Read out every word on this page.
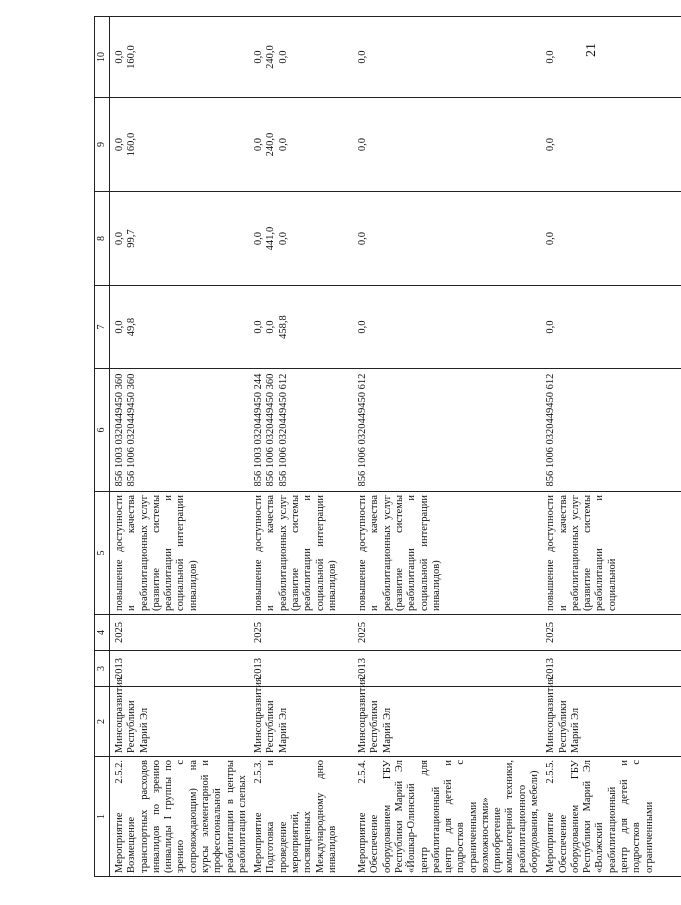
21
1	2	3	4	5	6	7	8	9	10
Мероприятие 2.5.2. Возмещение транспортных расходов инвалидов по зрению (инвалиды I группы по зрению с сопровождающим) на курсы элементарной и профессиональной реабилитации в центры реабилитации слепых	Минсоцразвития Республики Марий Эл	2013	2025	повышение доступности и качества реабилитационных услуг (развитие системы реабилитации и социальной интеграции инвалидов)	856 1003 0320449450 360 856 1006 0320449450 360	0,0 49,8	0,0 99,7	0,0 160,0	0,0 160,0

Мероприятие 2.5.3. Подготовка и проведение мероприятий, посвященных Международному дню инвалидов	Минсоцразвития Республики Марий Эл	2013	2025	повышение доступности и качества реабилитационных услуг (развитие системы реабилитации и социальной интеграции инвалидов)	856 1003 0320449450 244 856 1006 0320449450 360 856 1006 0320449450 612	0,0 0,0 458,8	0,0 441,0 0,0	0,0 240,0 0,0	0,0 240,0 0,0

Мероприятие 2.5.4. Обеспечение оборудованием ГБУ Республики Марий Эл «Йошкар-Олинский центр для реабилитационный центр для детей и подростков с ограниченными возможностями» (приобретение компьютерной техники, реабилитационного оборудования, мебели)	Минсоцразвития Республики Марий Эл	2013	2025	повышение доступности и качества реабилитационных услуг (развитие системы реабилитации и социальной интеграции инвалидов)	856 1006 0320449450 612	0,0	0,0	0,0	0,0

Мероприятие 2.5.5. Обеспечение оборудованием ГБУ Республики Марий Эл «Волжский реабилитационный центр для детей и подростков с ограниченными	Минсоцразвития Республики Марий Эл	2013	2025	повышение доступности и качества реабилитационных услуг (развитие системы реабилитации и социальной	856 1006 0320449450 612	0,0	0,0	0,0	0,0
